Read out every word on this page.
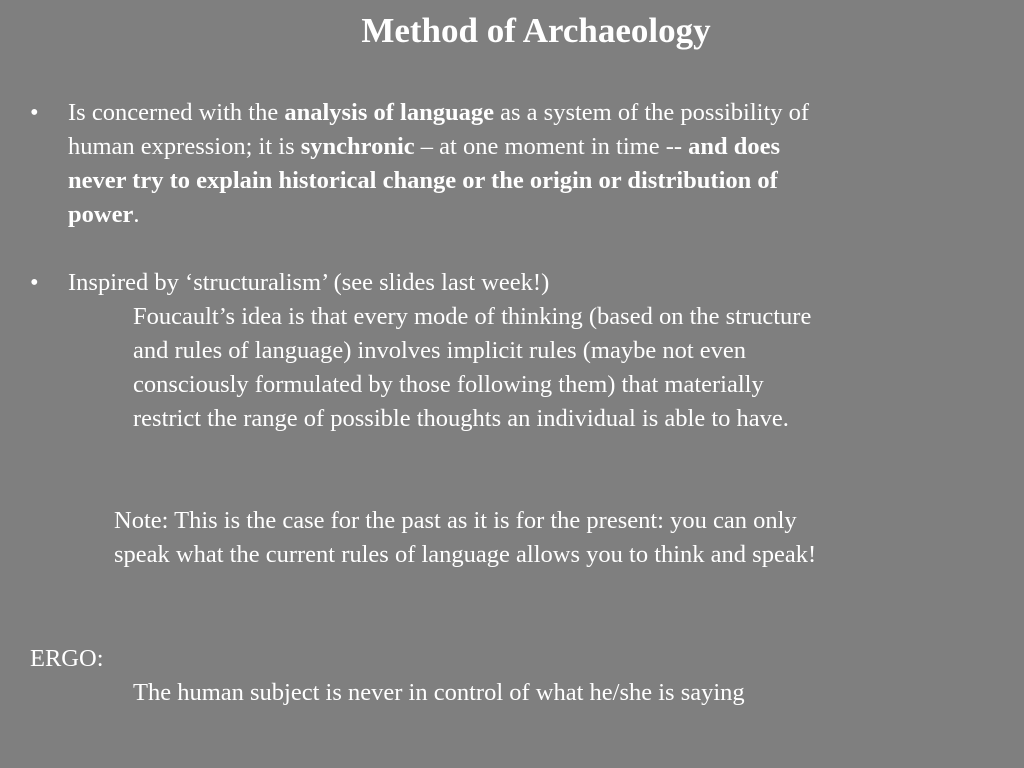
Method of Archaeology
• Is concerned with the analysis of language as a system of the possibility of human expression; it is synchronic – at one moment in time -- and does never try to explain historical change or the origin or distribution of power.

• Inspired by ‘structuralism’ (see slides last week!)

Foucault’s idea is that every mode of thinking (based on the structure and rules of language) involves implicit rules (maybe not even consciously formulated by those following them) that materially restrict the range of possible thoughts an individual is able to have.

Note: This is the case for the past as it is for the present: you can only speak what the current rules of language allows you to think and speak!

ERGO:

The human subject is never in control of what he/she is saying
